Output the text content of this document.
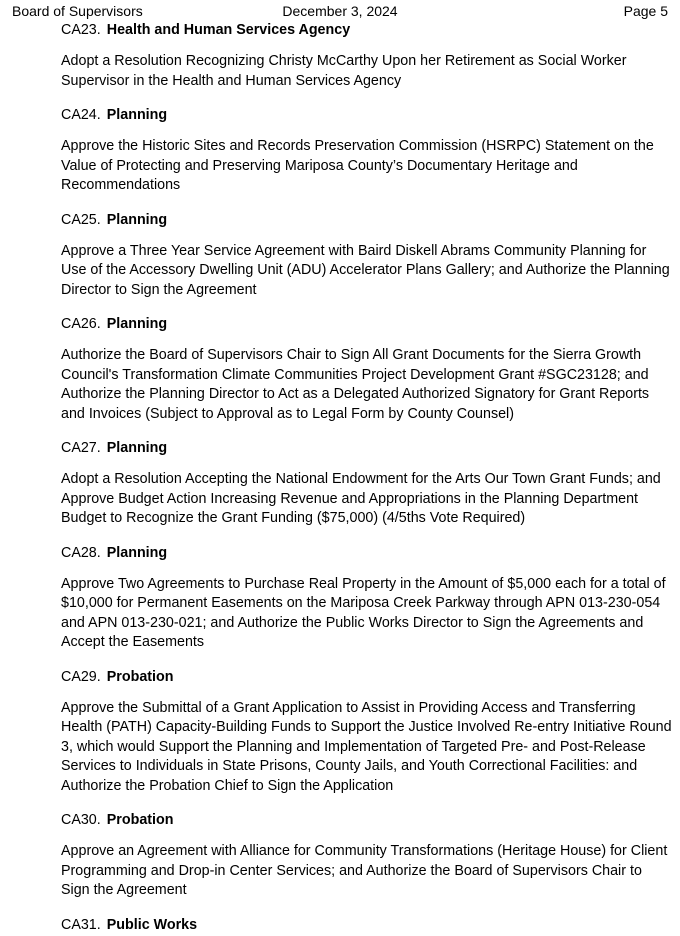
Board of Supervisors	December 3, 2024	Page 5
CA23. Health and Human Services Agency

Adopt a Resolution Recognizing Christy McCarthy Upon her Retirement as Social Worker Supervisor in the Health and Human Services Agency

CA24. Planning

Approve the Historic Sites and Records Preservation Commission (HSRPC) Statement on the Value of Protecting and Preserving Mariposa County’s Documentary Heritage and Recommendations

CA25. Planning

Approve a Three Year Service Agreement with Baird Diskell Abrams Community Planning for Use of the Accessory Dwelling Unit (ADU) Accelerator Plans Gallery; and Authorize the Planning Director to Sign the Agreement

CA26. Planning

Authorize the Board of Supervisors Chair to Sign All Grant Documents for the Sierra Growth Council's Transformation Climate Communities Project Development Grant #SGC23128; and Authorize the Planning Director to Act as a Delegated Authorized Signatory for Grant Reports and Invoices (Subject to Approval as to Legal Form by County Counsel)

CA27. Planning

Adopt a Resolution Accepting the National Endowment for the Arts Our Town Grant Funds; and Approve Budget Action Increasing Revenue and Appropriations in the Planning Department Budget to Recognize the Grant Funding ($75,000) (4/5ths Vote Required)

CA28. Planning

Approve Two Agreements to Purchase Real Property in the Amount of $5,000 each for a total of $10,000 for Permanent Easements on the Mariposa Creek Parkway through APN 013-230-054 and APN 013-230-021; and Authorize the Public Works Director to Sign the Agreements and Accept the Easements

CA29. Probation

Approve the Submittal of a Grant Application to Assist in Providing Access and Transferring Health (PATH) Capacity-Building Funds to Support the Justice Involved Re-entry Initiative Round 3, which would Support the Planning and Implementation of Targeted Pre- and Post-Release Services to Individuals in State Prisons, County Jails, and Youth Correctional Facilities: and Authorize the Probation Chief to Sign the Application

CA30. Probation

Approve an Agreement with Alliance for Community Transformations (Heritage House) for Client Programming and Drop-in Center Services; and Authorize the Board of Supervisors Chair to Sign the Agreement

CA31. Public Works
